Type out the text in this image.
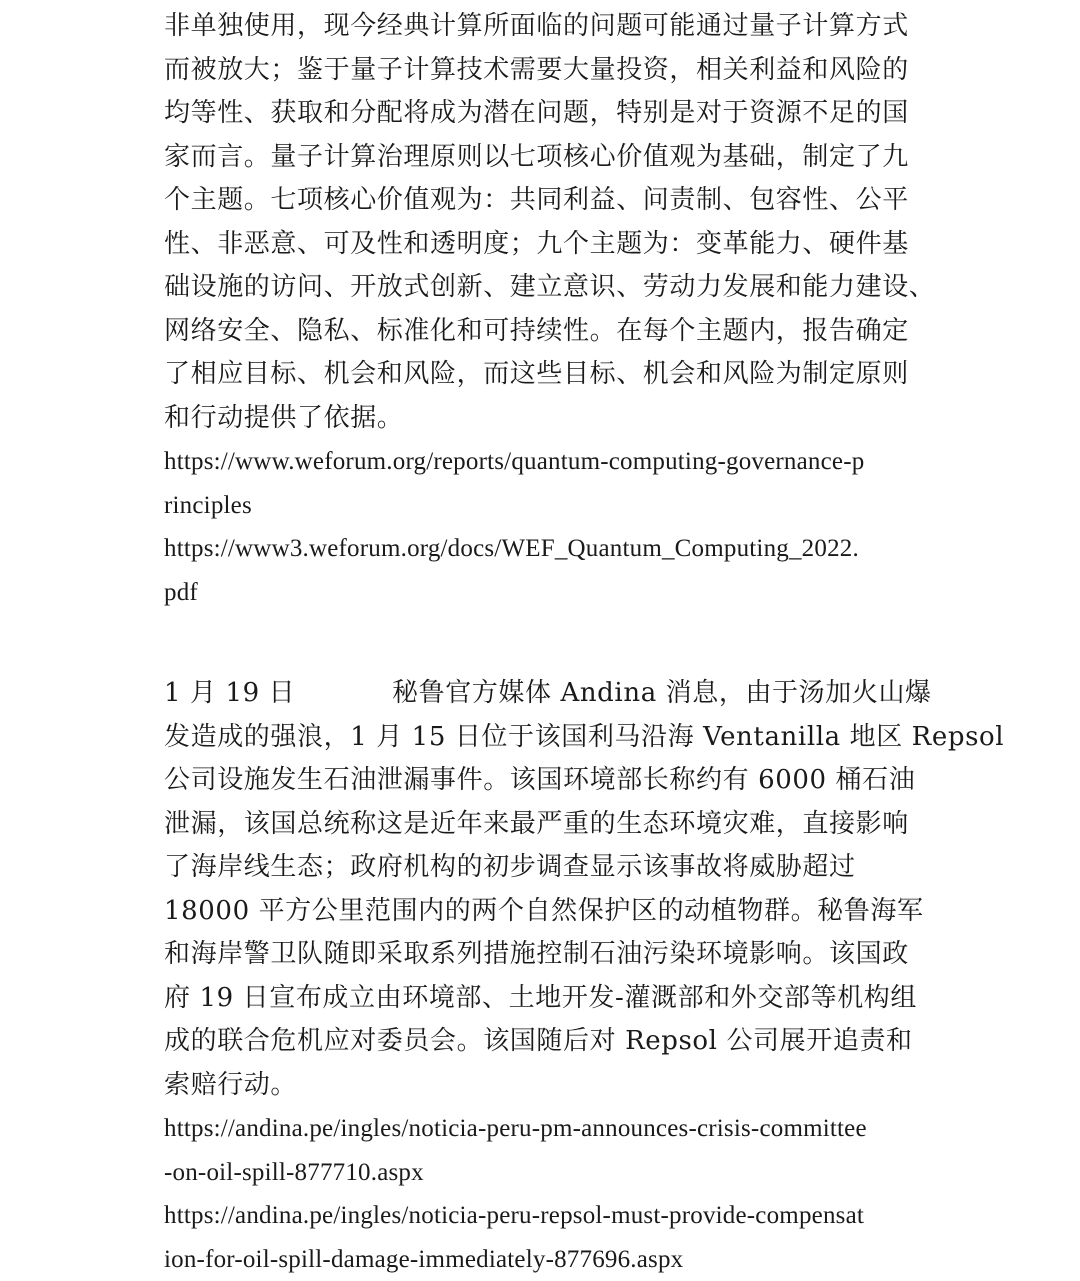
非单独使用，现今经典计算所面临的问题可能通过量子计算方式
而被放大；鉴于量子计算技术需要大量投资，相关利益和风险的
均等性、获取和分配将成为潜在问题，特别是对于资源不足的国
家而言。量子计算治理原则以七项核心价值观为基础，制定了九
个主题。七项核心价值观为：共同利益、问责制、包容性、公平
性、非恶意、可及性和透明度；九个主题为：变革能力、硬件基
础设施的访问、开放式创新、建立意识、劳动力发展和能力建设、
网络安全、隐私、标准化和可持续性。在每个主题内，报告确定
了相应目标、机会和风险，而这些目标、机会和风险为制定原则
和行动提供了依据。
https://www.weforum.org/reports/quantum-computing-governance-p
rinciples
https://www3.weforum.org/docs/WEF_Quantum_Computing_2022.
pdf
1 月 19 日	秘鲁官方媒体 Andina 消息，由于汤加火山爆
发造成的强浪，1 月 15 日位于该国利马沿海 Ventanilla 地区 Repsol
公司设施发生石油泄漏事件。该国环境部长称约有 6000 桶石油
泄漏，该国总统称这是近年来最严重的生态环境灾难，直接影响
了海岸线生态；政府机构的初步调查显示该事故将威胁超过
18000 平方公里范围内的两个自然保护区的动植物群。秘鲁海军
和海岸警卫队随即采取系列措施控制石油污染环境影响。该国政
府 19 日宣布成立由环境部、土地开发-灌溉部和外交部等机构组
成的联合危机应对委员会。该国随后对 Repsol 公司展开追责和
索赔行动。
https://andina.pe/ingles/noticia-peru-pm-announces-crisis-committee
-on-oil-spill-877710.aspx
https://andina.pe/ingles/noticia-peru-repsol-must-provide-compensat
ion-for-oil-spill-damage-immediately-877696.aspx
